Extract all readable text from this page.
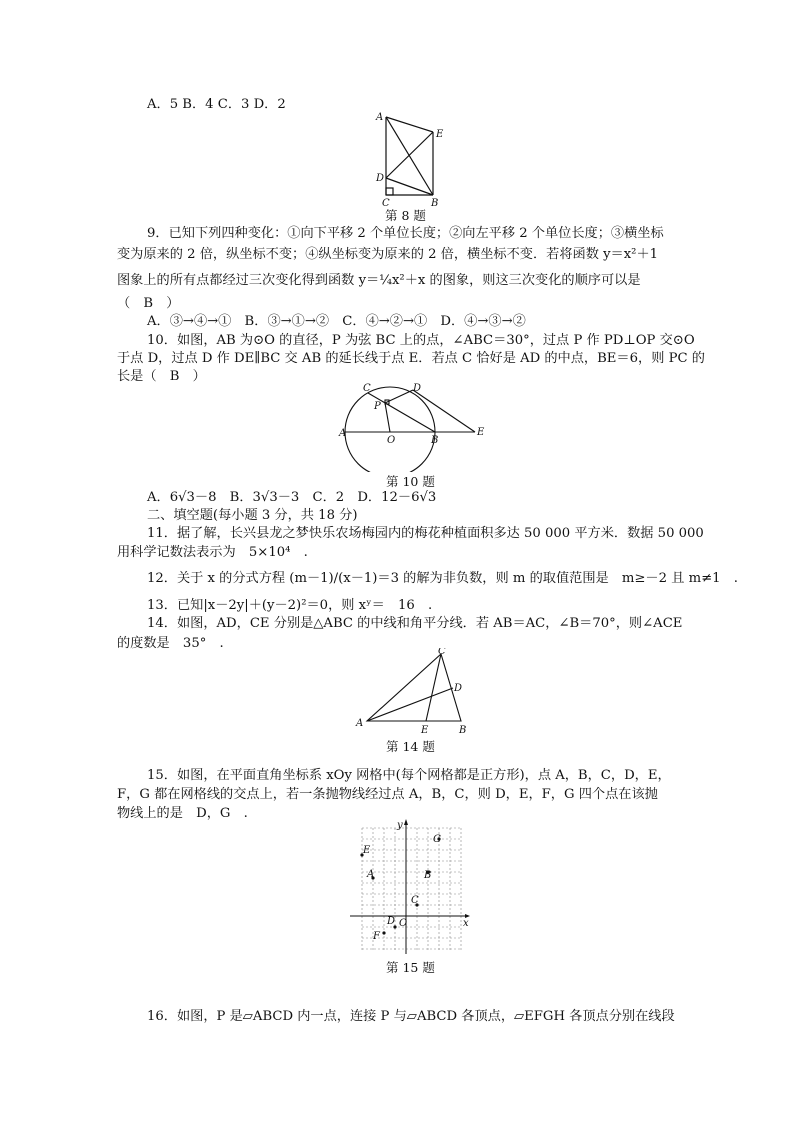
A．5 B．4 C．3 D．2
A
E
D
C	B
第 8 题
9．已知下列四种变化：①向下平移 2 个单位长度；②向左平移 2 个单位长度；③横坐标
变为原来的 2 倍，纵坐标不变；④纵坐标变为原来的 2 倍，横坐标不变．若将函数 y＝x²＋1
图象上的所有点都经过三次变化得到函数 y＝¼x²＋x 的图象，则这三次变化的顺序可以是
（　B　）
A．③→④→①　B．③→①→②　C．④→②→①　D．④→③→②
10．如图，AB 为⊙O 的直径，P 为弦 BC 上的点，∠ABC＝30°，过点 P 作 PD⊥OP 交⊙O
于点 D，过点 D 作 DE∥BC 交 AB 的延长线于点 E．若点 C 恰好是 AD 的中点，BE＝6，则 PC 的
长是（　B　）
C	D
P
A
O	B
E
第 10 题
A．6√3－8　B．3√3－3　C．2　D．12－6√3
二、填空题(每小题 3 分，共 18 分)
11．据了解，长兴县龙之梦快乐农场梅园内的梅花种植面积多达 50 000 平方米．数据 50 000
用科学记数法表示为　5×10⁴　.
12．关于 x 的分式方程 (m－1)/(x－1)＝3 的解为非负数，则 m 的取值范围是　m≥－2 且 m≠1　.
13．已知|x－2y|＋(y－2)²＝0，则 xʸ＝　16　.
14．如图，AD，CE 分别是△ABC 的中线和角平分线．若 AB＝AC，∠B＝70°，则∠ACE
的度数是　35°　.
C
D
A
E	B
第 14 题
15．如图，在平面直角坐标系 xOy 网格中(每个网格都是正方形)，点 A，B，C，D，E，
F，G 都在网格线的交点上，若一条抛物线经过点 A，B，C，则 D，E，F，G 四个点在该抛
物线上的是　D，G　.
y
x
O
E
A
G
B
C
D
F
第 15 题
16．如图，P 是▱ABCD 内一点，连接 P 与▱ABCD 各顶点，▱EFGH 各顶点分别在线段
